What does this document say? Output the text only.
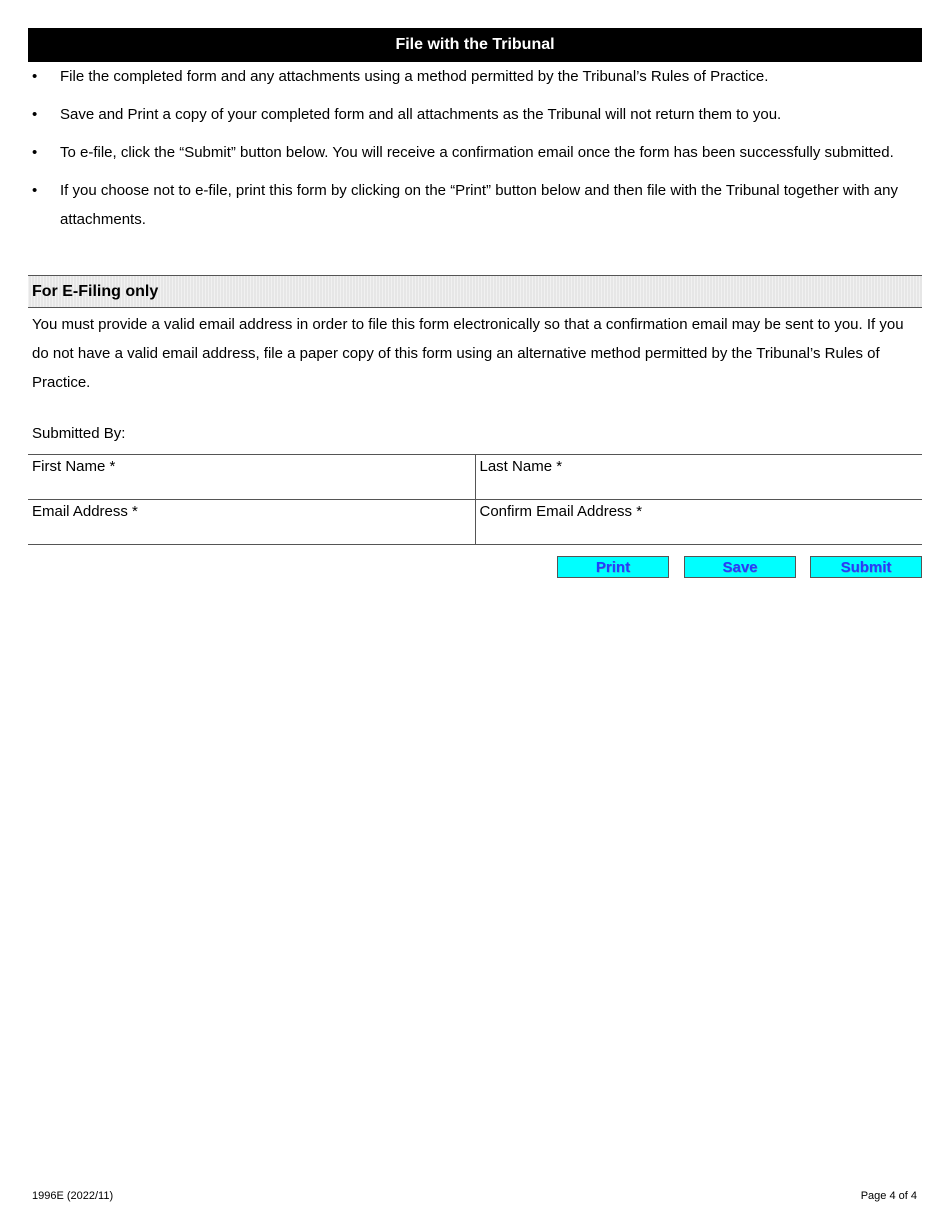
File with the Tribunal
• File the completed form and any attachments using a method permitted by the Tribunal’s Rules of Practice.
• Save and Print a copy of your completed form and all attachments as the Tribunal will not return them to you.
• To e-file, click the “Submit” button below. You will receive a confirmation email once the form has been successfully submitted.
• If you choose not to e-file, print this form by clicking on the “Print” button below and then file with the Tribunal together with any attachments.
For E-Filing only

You must provide a valid email address in order to file this form electronically so that a confirmation email may be sent to you. If you do not have a valid email address, file a paper copy of this form using an alternative method permitted by the Tribunal’s Rules of Practice.

Submitted By:
First Name *	Last Name *
Email Address *	Confirm Email Address *
Print	Save	Submit
1996E (2022/11)	Page 4 of 4
